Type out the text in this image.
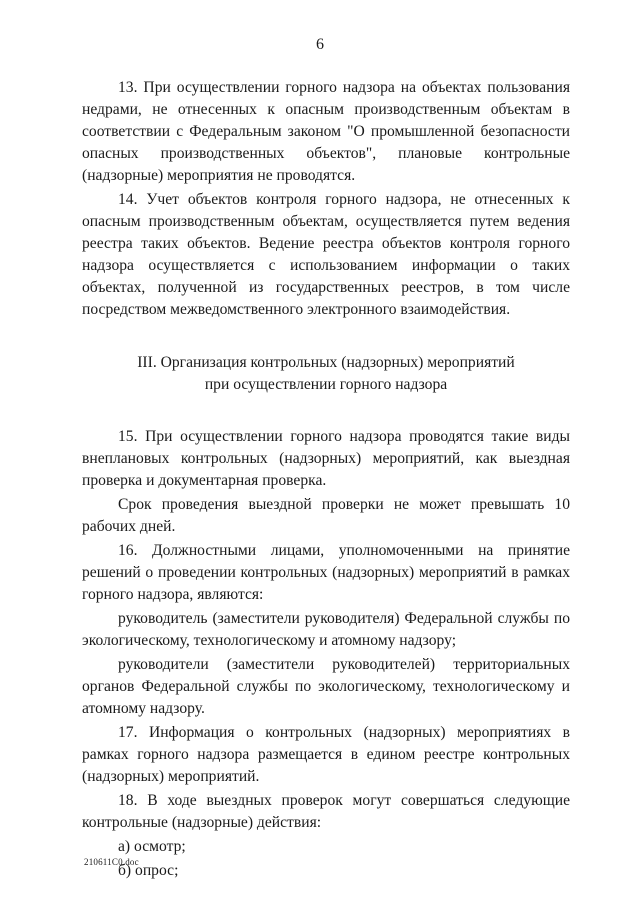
6

13. При осуществлении горного надзора на объектах пользования недрами, не отнесенных к опасным производственным объектам в соответствии с Федеральным законом "О промышленной безопасности опасных производственных объектов", плановые контрольные (надзорные) мероприятия не проводятся.

14. Учет объектов контроля горного надзора, не отнесенных к опасным производственным объектам, осуществляется путем ведения реестра таких объектов. Ведение реестра объектов контроля горного надзора осуществляется с использованием информации о таких объектах, полученной из государственных реестров, в том числе посредством межведомственного электронного взаимодействия.

III. Организация контрольных (надзорных) мероприятий
при осуществлении горного надзора

15. При осуществлении горного надзора проводятся такие виды внеплановых контрольных (надзорных) мероприятий, как выездная проверка и документарная проверка.

Срок проведения выездной проверки не может превышать 10 рабочих дней.

16. Должностными лицами, уполномоченными на принятие решений о проведении контрольных (надзорных) мероприятий в рамках горного надзора, являются:

руководитель (заместители руководителя) Федеральной службы по экологическому, технологическому и атомному надзору;

руководители (заместители руководителей) территориальных органов Федеральной службы по экологическому, технологическому и атомному надзору.

17. Информация о контрольных (надзорных) мероприятиях в рамках горного надзора размещается в едином реестре контрольных (надзорных) мероприятий.

18. В ходе выездных проверок могут совершаться следующие контрольные (надзорные) действия:

а) осмотр;

б) опрос;

210611C0.doc
